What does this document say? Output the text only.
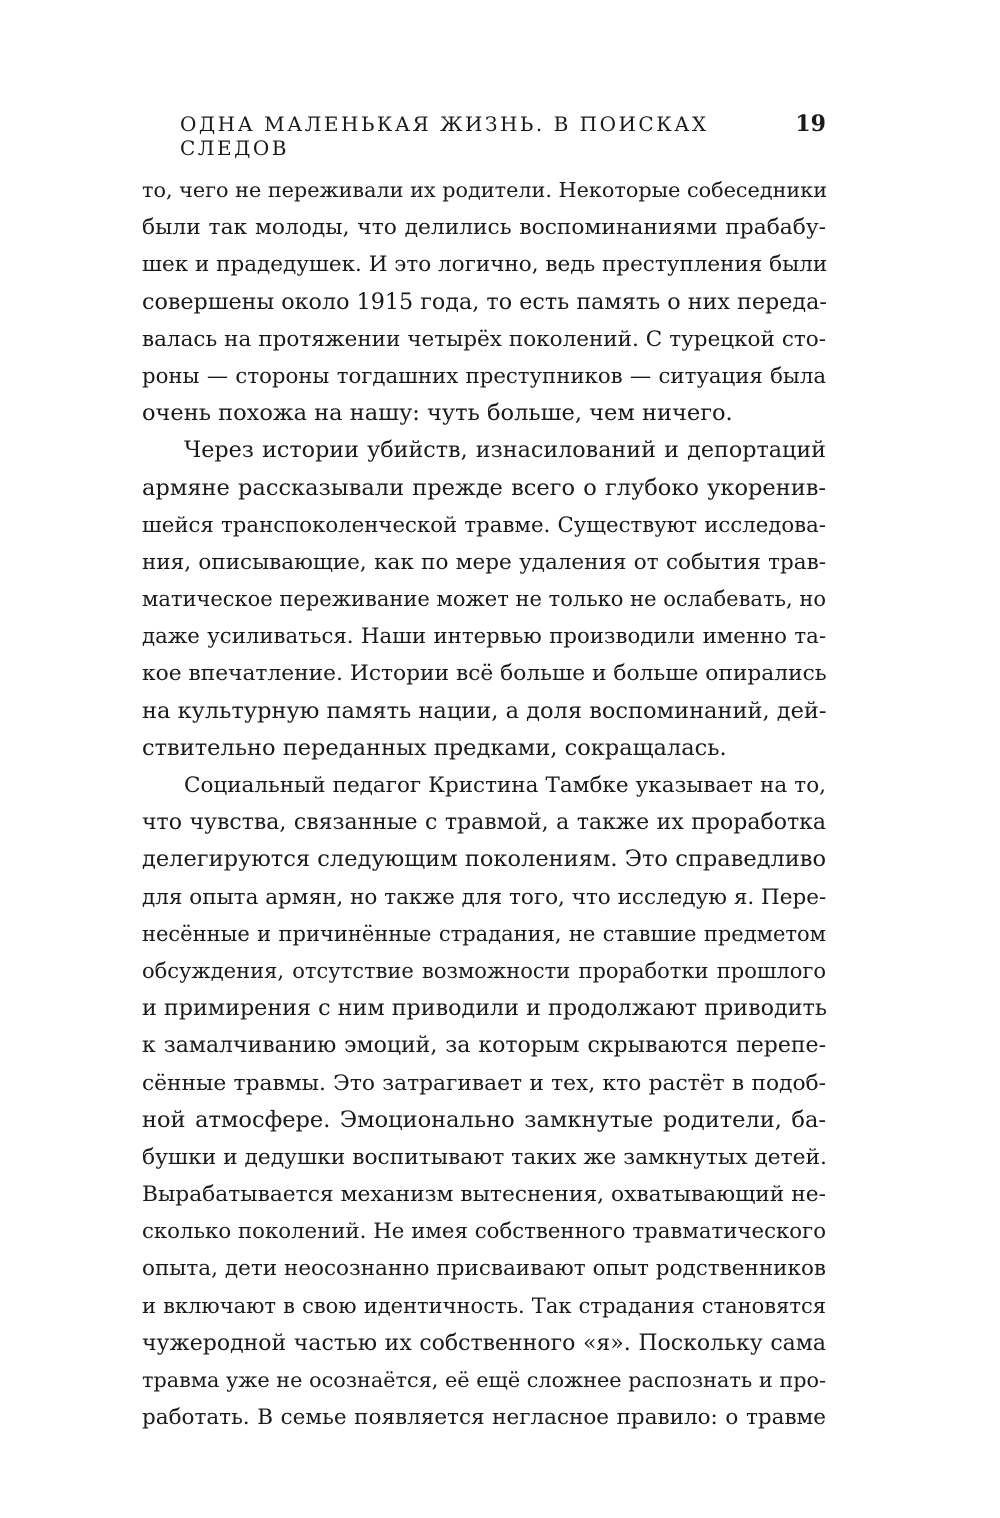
ОДНА МАЛЕНЬКАЯ ЖИЗНЬ. В ПОИСКАХ СЛЕДОВ
19
то, чего не переживали их родители. Некоторые собеседники
были так молоды, что делились воспоминаниями прабабу-
шек и прадедушек. И это логично, ведь преступления были
совершены около 1915 года, то есть память о них переда-
валась на протяжении четырёх поколений. С турецкой сто-
роны — стороны тогдашних преступников — ситуация была
очень похожа на нашу: чуть больше, чем ничего.
Через истории убийств, изнасилований и депортаций
армяне рассказывали прежде всего о глубоко укоренив-
шейся транспоколенческой травме. Существуют исследова-
ния, описывающие, как по мере удаления от события трав-
матическое переживание может не только не ослабевать, но
даже усиливаться. Наши интервью производили именно та-
кое впечатление. Истории всё больше и больше опирались
на культурную память нации, а доля воспоминаний, дей-
ствительно переданных предками, сокращалась.
Социальный педагог Кристина Тамбке указывает на то,
что чувства, связанные с травмой, а также их проработка
делегируются следующим поколениям. Это справедливо
для опыта армян, но также для того, что исследую я. Пере-
несённые и причинённые страдания, не ставшие предметом
обсуждения, отсутствие возможности проработки прошлого
и примирения с ним приводили и продолжают приводить
к замалчиванию эмоций, за которым скрываются перепе-
сённые травмы. Это затрагивает и тех, кто растёт в подоб-
ной атмосфере. Эмоционально замкнутые родители, ба-
бушки и дедушки воспитывают таких же замкнутых детей.
Вырабатывается механизм вытеснения, охватывающий не-
сколько поколений. Не имея собственного травматического
опыта, дети неосознанно присваивают опыт родственников
и включают в свою идентичность. Так страдания становятся
чужеродной частью их собственного «я». Поскольку сама
травма уже не осознаётся, её ещё сложнее распознать и про-
работать. В семье появляется негласное правило: о травме
